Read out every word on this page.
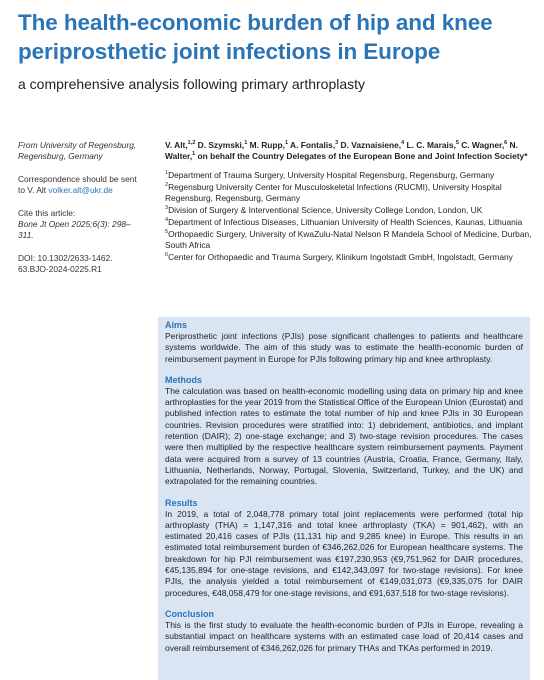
The health-economic burden of hip and knee periprosthetic joint infections in Europe
a comprehensive analysis following primary arthroplasty

From University of Regensburg, Regensburg, Germany

Correspondence should be sent to V. Alt volker.alt@ukr.de

Cite this article:
Bone Jt Open 2025;6(3): 298–311.

DOI: 10.1302/2633-1462. 63.BJO-2024-0225.R1

V. Alt,$^{1,2}$ D. Szymski,$^1$ M. Rupp,$^1$ A. Fontalis,$^3$ D. Vaznaisiene,$^4$ L. C. Marais,$^5$ C. Wagner,$^6$ N. Walter,$^1$ on behalf the Country Delegates of the European Bone and Joint Infection Society*
$^1$Department of Trauma Surgery, University Hospital Regensburg, Regensburg, Germany
$^2$Regensburg University Center for Musculoskeletal Infections (RUCMI), University Hospital Regensburg, Regensburg, Germany
$^3$Division of Surgery & Interventional Science, University College London, London, UK
$^4$Department of Infectious Diseases, Lithuanian University of Health Sciences, Kaunas, Lithuania
$^5$Orthopaedic Surgery, University of KwaZulu-Natal Nelson R Mandela School of Medicine, Durban, South Africa
$^6$Center for Orthopaedic and Trauma Surgery, Klinikum Ingolstadt GmbH, Ingolstadt, Germany
Aims

Periprosthetic joint infections (PJIs) pose significant challenges to patients and healthcare systems worldwide. The aim of this study was to estimate the health-economic burden of reimbursement payment in Europe for PJIs following primary hip and knee arthroplasty.

Methods

The calculation was based on health-economic modelling using data on primary hip and knee arthroplasties for the year 2019 from the Statistical Office of the European Union (Eurostat) and published infection rates to estimate the total number of hip and knee PJIs in 30 European countries. Revision procedures were stratified into: 1) debridement, antibiotics, and implant retention (DAIR); 2) one-stage exchange; and 3) two-stage revision procedures. The cases were then multiplied by the respective healthcare system reimbursement payments. Payment data were acquired from a survey of 13 countries (Austria, Croatia, France, Germany, Italy, Lithuania, Netherlands, Norway, Portugal, Slovenia, Switzerland, Turkey, and the UK) and extrapolated for the remaining countries.

Results

In 2019, a total of 2,048,778 primary total joint replacements were performed (total hip arthroplasty (THA) = 1,147,316 and total knee arthroplasty (TKA) = 901,462), with an estimated 20,416 cases of PJIs (11,131 hip and 9,285 knee) in Europe. This results in an estimated total reimbursement burden of €346,262,026 for European healthcare systems. The breakdown for hip PJI reimbursement was €197,230,953 (€9,751,962 for DAIR procedures, €45,135,894 for one-stage revisions, and €142,343,097 for two-stage revisions). For knee PJIs, the analysis yielded a total reimbursement of €149,031,073 (€9,335,075 for DAIR procedures, €48,058,479 for one-stage revisions, and €91,637,518 for two-stage revisions).

Conclusion

This is the first study to evaluate the health-economic burden of PJIs in Europe, revealing a substantial impact on healthcare systems with an estimated case load of 20,414 cases and overall reimbursement of €346,262,026 for primary THAs and TKAs performed in 2019.
